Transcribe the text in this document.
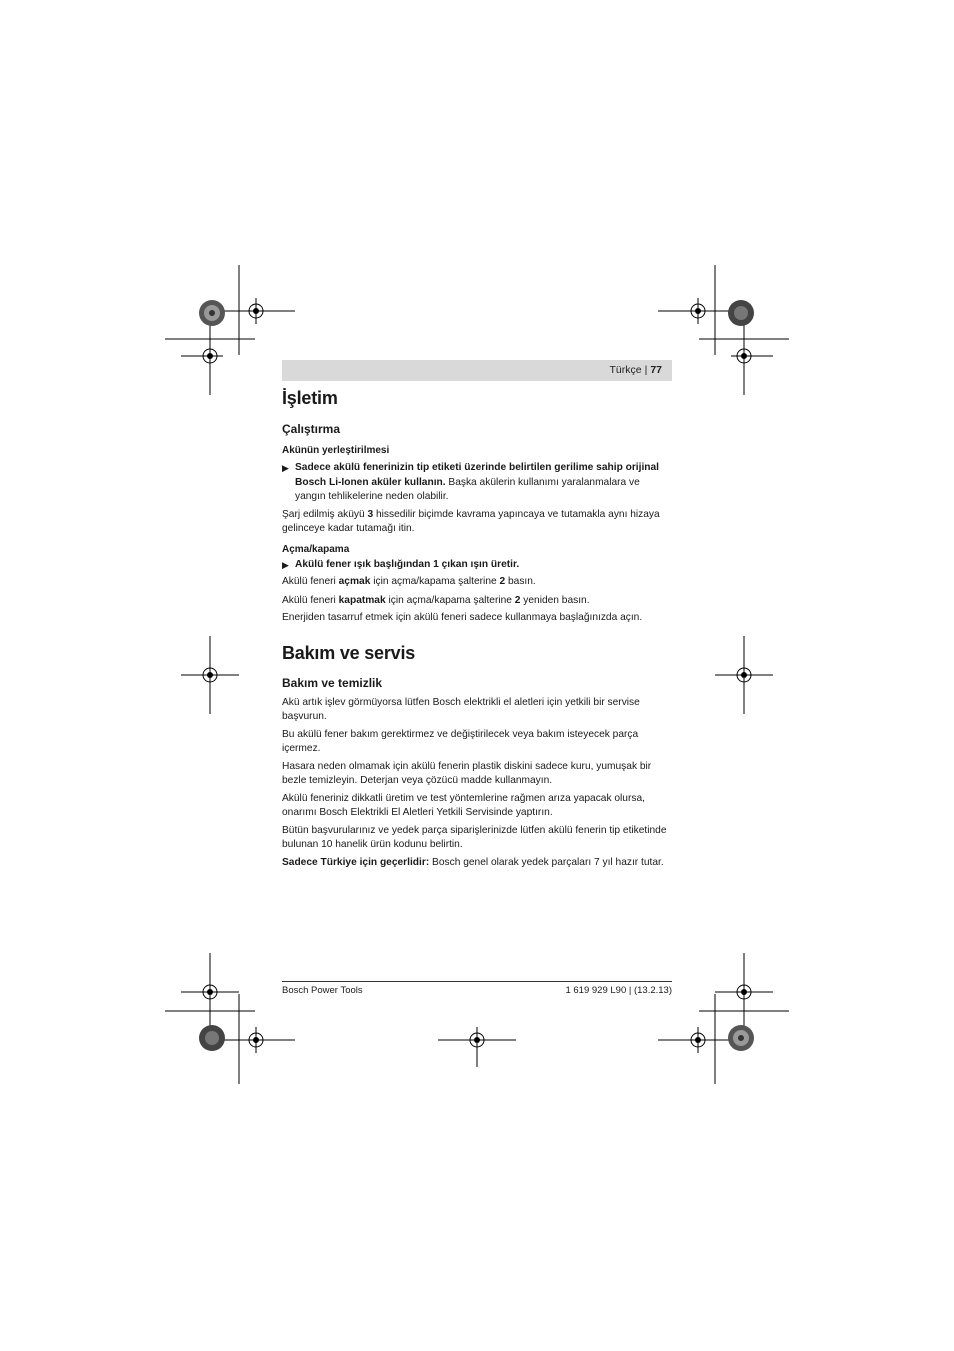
Türkçe | 77
İşletim
Çalıştırma
Akünün yerleştirilmesi

▶ Sadece akülü fenerinizin tip etiketi üzerinde belirtilen gerilime sahip orijinal Bosch Li-Ionen aküler kullanın. Başka akülerin kullanımı yaralanmalara ve yangın tehlikelerine neden olabilir.

Şarj edilmiş aküyü 3 hissedilir biçimde kavrama yapıncaya ve tutamakla aynı hizaya gelinceye kadar tutamağı itin.

Açma/kapama

▶ Akülü fener ışık başlığından 1 çıkan ışın üretir.

Akülü feneri açmak için açma/kapama şalterine 2 basın.

Akülü feneri kapatmak için açma/kapama şalterine 2 yeniden basın.

Enerjiden tasarruf etmek için akülü feneri sadece kullanmaya başlağınızda açın.

Bakım ve servis
Bakım ve temizlik

Akü artık işlev görmüyorsa lütfen Bosch elektrikli el aletleri için yetkili bir servise başvurun.

Bu akülü fener bakım gerektirmez ve değiştirilecek veya bakım isteyecek parça içermez.

Hasara neden olmamak için akülü fenerin plastik diskini sadece kuru, yumuşak bir bezle temizleyin. Deterjan veya çözücü madde kullanmayın.

Akülü feneriniz dikkatli üretim ve test yöntemlerine rağmen arıza yapacak olursa, onarımı Bosch Elektrikli El Aletleri Yetkili Servisinde yaptırın.

Bütün başvurularınız ve yedek parça siparişlerinizde lütfen akülü fenerin tip etiketinde bulunan 10 hanelik ürün kodunu belirtin.

Sadece Türkiye için geçerlidir: Bosch genel olarak yedek parçaları 7 yıl hazır tutar.

Bosch Power Tools	1 619 929 L90 | (13.2.13)
